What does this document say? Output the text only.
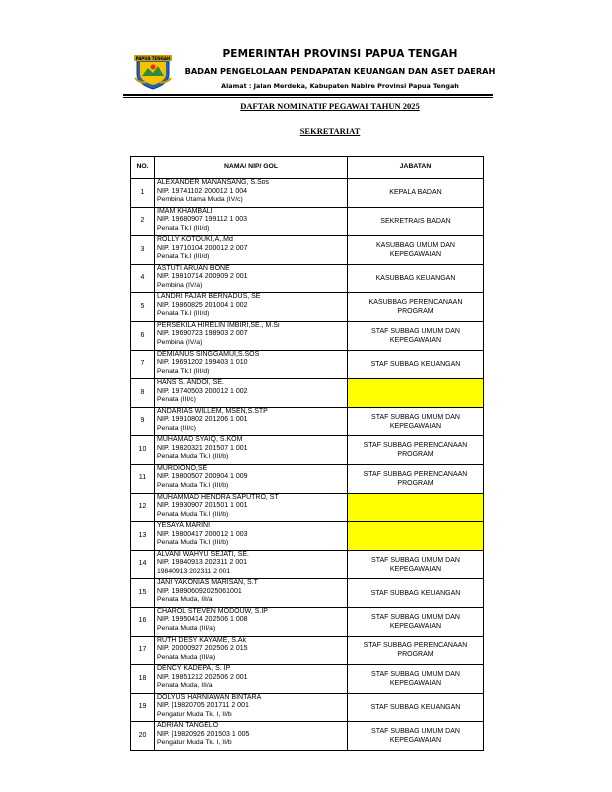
PAPUA TENGAH	PEMERINTAH PROVINSI PAPUA TENGAH
BADAN PENGELOLAAN PENDAPATAN KEUANGAN DAN ASET DAERAH
Alamat : Jalan Merdeka, Kabupaten Nabire Provinsi Papua Tengah
DAFTAR NOMINATIF PEGAWAI TAHUN 2025
SEKRETARIAT
NO.	NAMA/ NIP/ GOL	JABATAN
1	ALEXANDER MANANSANG, S.Sos
NIP. 19741102 200012 1 004
Pembina Utama Muda (IV/c)	KEPALA BADAN
2	IMAM KHAMBALI
NIP. 19680907 199112 1 003
Penata Tk.I (III/d)	SEKRETRAIS BADAN
3	ROLLY KOTOUKI,A,.Md
NIP. 19710104 200012 2 007
Penata Tk.I (III/d)	KASUBBAG UMUM DAN KEPEGAWAIAN
4	ASTUTI ARUAN BONE
NIP. 19810714 200909 2 001
Pembina (IV/a)	KASUBBAG KEUANGAN
5	LANDRI FAJAR BERNADUS, SE
NIP. 19860825 201004 1 002
Penata Tk.I (III/d)	KASUBBAG PERENCANAAN PROGRAM
6	PERSEKILA HIRELIN IMBIRI,SE., M.Si
NIP. 19690723 198903 2 007
Pembina (IV/a)	STAF SUBBAG UMUM DAN KEPEGAWAIAN
7	DEMIANUS SINGGAMUI,S.SOS
NIP. 19691202 199403 1 010
Penata Tk.I (III/d)	STAF SUBBAG KEUANGAN
8	HANS S. ANDOI, SE.
NIP. 19740503 200012 1 002
Penata (III/c)	

9	ANDARIAS WILLEM, MSEN,S.STP
NIP. 19910802 201206 1 001
Penata (III/c)	STAF SUBBAG UMUM DAN KEPEGAWAIAN
10	MUHAMAD SYAIQ, S.KOM
NIP. 19820321 201507 1 001
Penata Muda Tk.I (III/b)	STAF SUBBAG PERENCANAAN PROGRAM
11	MURDIONO,SE
NIP. 19800507 200904 1 009
Penata Muda Tk.I (III/b)	STAF SUBBAG PERENCANAAN PROGRAM
12	MUHAMMAD HENDRA SAPUTRO, ST
NIP. 19930907 201501 1 001
Penata Muda Tk.I (III/b)	

13	YESAYA MARINI
NIP. 19800417 200012 1 003
Penata Muda Tk.I (III/b)	

14	ALVANI WAHYU SEJATI, SE.
NIP. 19840913 202311 2 001
19840913 202311 2 001	STAF SUBBAG UMUM DAN KEPEGAWAIAN
15	JANI YAKONIAS MARISAN, S.T
NIP. 198906092025061001
Penata Muda, III/a	STAF SUBBAG KEUANGAN
16	CHAROL STEVEN MODOUW, S.IP
NIP. 19950414 202506 1 008
Penata Muda (III/a)	STAF SUBBAG UMUM DAN KEPEGAWAIAN
17	RUTH DESY KAYAME, S.Ak
NIP. 20000927 202506 2 015
Penata Muda (III/a)	STAF SUBBAG PERENCANAAN PROGRAM
18	DENCY KADEPA, S. IP
NIP. 19851212 202506 2 001
Penata Muda, III/a	STAF SUBBAG UMUM DAN KEPEGAWAIAN
19	DOLYUS HARNIAWAN BINTARA
NIP. |19820705 201711 2 001
Pengatur Muda Tk. I, II/b	STAF SUBBAG KEUANGAN
20	ADRIAN TANGELO
NIP. |19820926 201503 1 005
Pengatur Muda Tk. I, II/b	STAF SUBBAG UMUM DAN KEPEGAWAIAN
